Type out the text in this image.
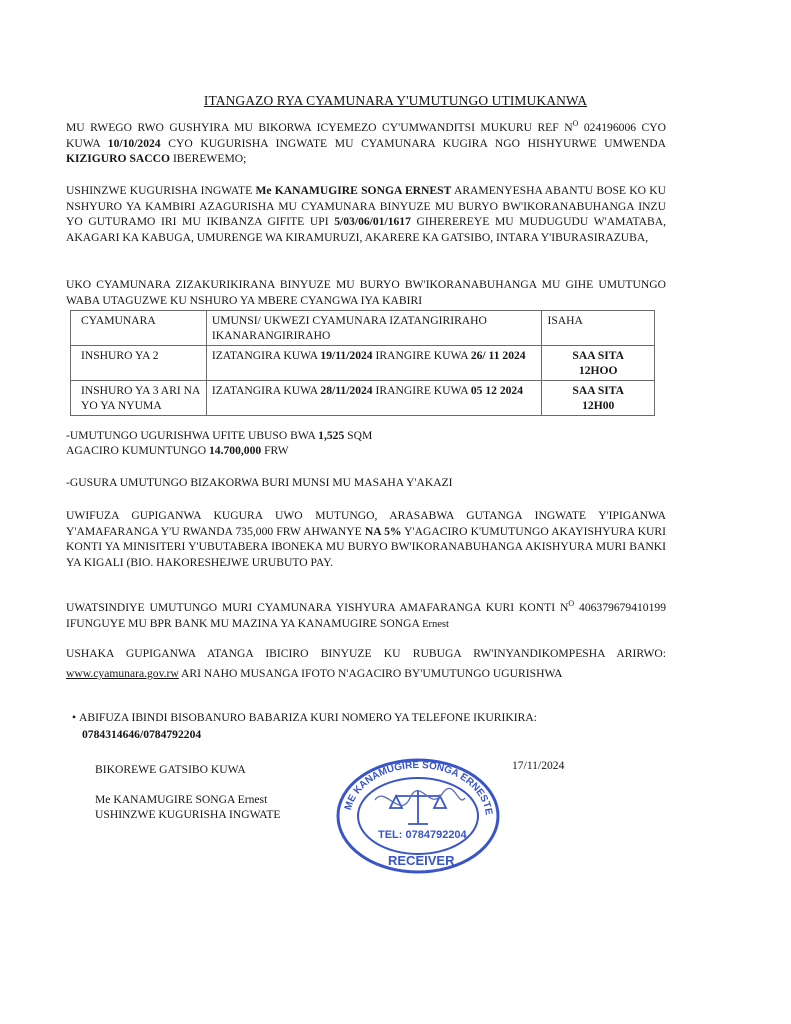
ITANGAZO RYA CYAMUNARA Y'UMUTUNGO UTIMUKANWA
MU RWEGO RWO GUSHYIRA MU BIKORWA ICYEMEZO CY'UMWANDITSI MUKURU REF $N^O$ 024196006 CYO KUWA 10/10/2024 CYO KUGURISHA INGWATE MU CYAMUNARA KUGIRA NGO HISHYURWE UMWENDA KIZIGURO SACCO IBEREWEMO;
USHINZWE KUGURISHA INGWATE Me KANAMUGIRE SONGA ERNEST ARAMENYESHA ABANTU BOSE KO KU NSHYURO YA KAMBIRI AZAGURISHA MU CYAMUNARA BINYUZE MU BURYO BW'IKORANABUHANGA INZU YO GUTURAMO IRI MU IKIBANZA GIFITE UPI 5/03/06/01/1617 GIHEREREYE MU MUDUGUDU W'AMATABA, AKAGARI KA KABUGA, UMURENGE WA KIRAMURUZI, AKARERE KA GATSIBO, INTARA Y'IBURASIRAZUBA,
UKO CYAMUNARA ZIZAKURIKIRANA BINYUZE MU BURYO BW'IKORANABUHANGA MU GIHE UMUTUNGO WABA UTAGUZWE KU NSHURO YA MBERE CYANGWA IYA KABIRI
CYAMUNARA	UMUNSI/ UKWEZI CYAMUNARA IZATANGIRIRAHO IKANARANGIRIRAHO	ISAHA
INSHURO YA 2	IZATANGIRA KUWA 19/11/2024 IRANGIRE KUWA 26/ 11 2024	SAA SITA
12HOO

INSHURO YA 3 ARI NA YO YA NYUMA	IZATANGIRA KUWA 28/11/2024 IRANGIRE KUWA 05 12 2024	SAA SITA
12H00
-UMUTUNGO UGURISHWA UFITE UBUSO BWA 1,525 SQM
AGACIRO KUMUNTUNGO 14.700,000 FRW
-GUSURA UMUTUNGO BIZAKORWA BURI MUNSI MU MASAHA Y'AKAZI
UWIFUZA GUPIGANWA KUGURA UWO MUTUNGO, ARASABWA GUTANGA INGWATE Y'IPIGANWA Y'AMAFARANGA Y'U RWANDA 735,000 FRW AHWANYE NA 5% Y'AGACIRO K'UMUTUNGO AKAYISHYURA KURI KONTI YA MINISITERI Y'UBUTABERA IBONEKA MU BURYO BW'IKORANABUHANGA AKISHYURA MURI BANKI YA KIGALI (BIO. HAKORESHEJWE URUBUTO PAY.
UWATSINDIYE UMUTUNGO MURI CYAMUNARA YISHYURA AMAFARANGA KURI KONTI $N^O$ 406379679410199 IFUNGUYE MU BPR BANK MU MAZINA YA KANAMUGIRE SONGA Ernest
USHAKA GUPIGANWA ATANGA IBICIRO BINYUZE KU RUBUGA RW'INYANDIKOMPESHA ARIRWO: www.cyamunara.gov.rw ARI NAHO MUSANGA IFOTO N'AGACIRO BY'UMUTUNGO UGURISHWA
• ABIFUZA IBINDI BISOBANURO BABARIZA KURI NOMERO YA TELEFONE IKURIKIRA:
0784314646/0784792204
BIKOREWE GATSIBO KUWA	17/11/2024
Me KANAMUGIRE SONGA Ernest
USHINZWE KUGURISHA INGWATE
ME KANAMUGIRE SONGA ERNESTE
TEL: 0784792204
RECEIVER
